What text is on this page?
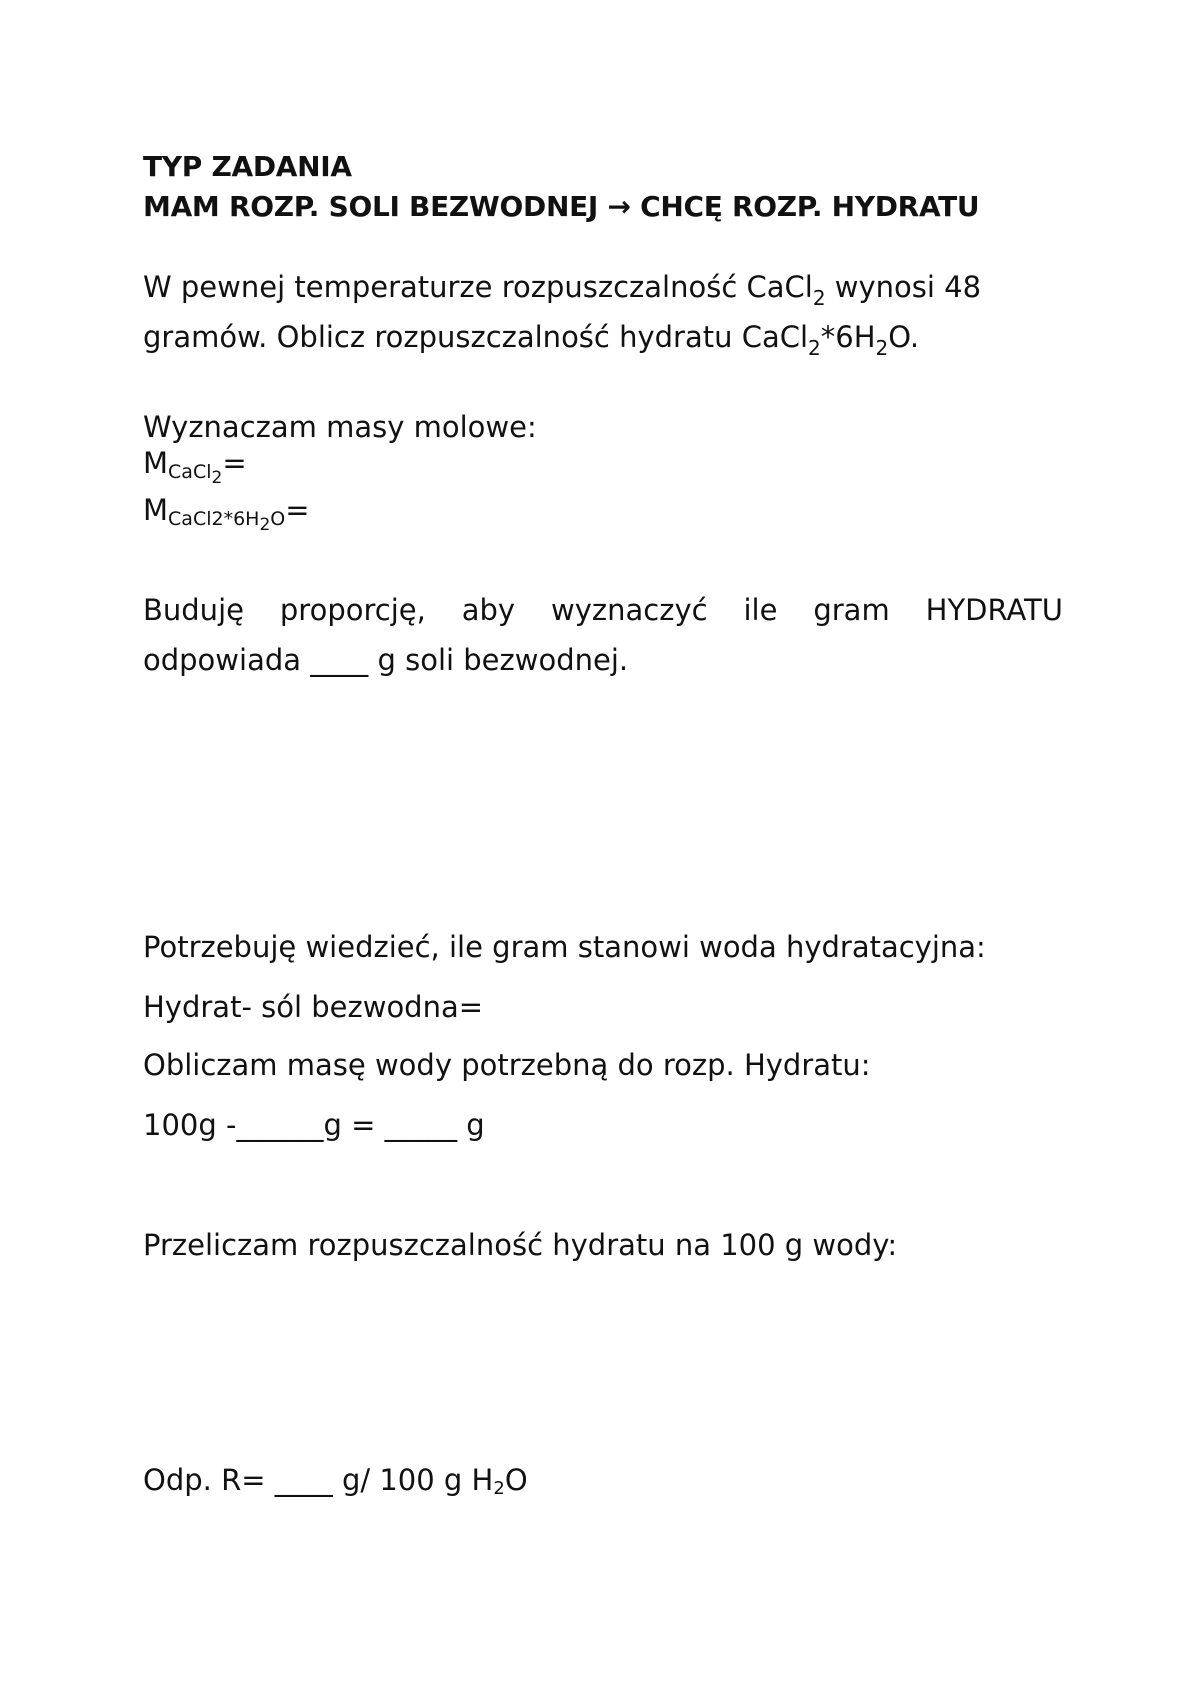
TYP ZADANIA
MAM ROZP. SOLI BEZWODNEJ → CHCĘ ROZP. HYDRATU

W pewnej temperaturze rozpuszczalność CaCl$_2$ wynosi 48

gramów. Oblicz rozpuszczalność hydratu $CaCl_2*6H_2O$.

Wyznaczam masy molowe:

MCaCl2=

MCaCl2*6H2O=

Buduję proporcję, aby wyznaczyć ile gram HYDRATU odpowiada ____ g soli bezwodnej.

Potrzebuję wiedzieć, ile gram stanowi woda hydratacyjna:

Hydrat- sól bezwodna=

Obliczam masę wody potrzebną do rozp. Hydratu:

100g -______g = _____ g

Przeliczam rozpuszczalność hydratu na 100 g wody:

Odp. R= ____ g/ 100 g $H_2O$
